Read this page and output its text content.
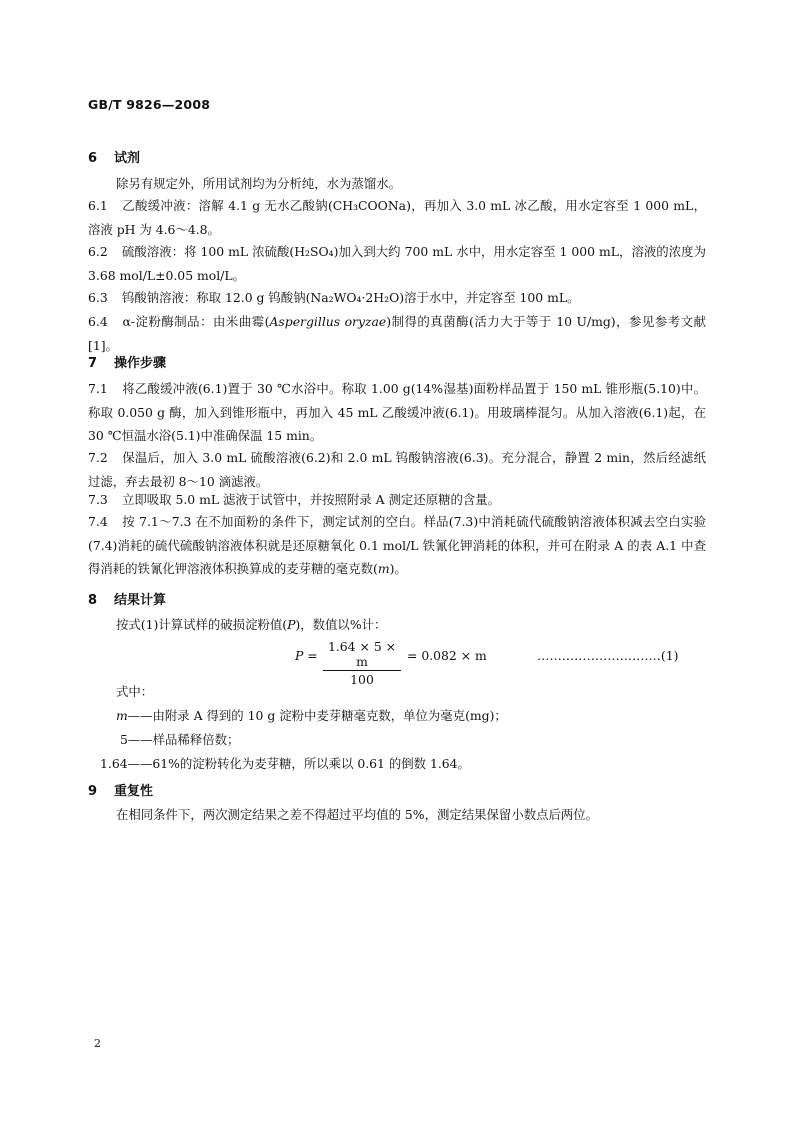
GB/T 9826—2008
6 试剂
除另有规定外，所用试剂均为分析纯，水为蒸馏水。
6.1 乙酸缓冲液：溶解 4.1 g 无水乙酸钠(CH₃COONa)，再加入 3.0 mL 冰乙酸，用水定容至 1 000 mL，溶液 pH 为 4.6～4.8。
6.2 硫酸溶液：将 100 mL 浓硫酸(H₂SO₄)加入到大约 700 mL 水中，用水定容至 1 000 mL，溶液的浓度为 3.68 mol/L±0.05 mol/L。
6.3 钨酸钠溶液：称取 12.0 g 钨酸钠(Na₂WO₄·2H₂O)溶于水中，并定容至 100 mL。
6.4 α-淀粉酶制品：由米曲霉(Aspergillus oryzae)制得的真菌酶(活力大于等于 10 U/mg)，参见参考文献[1]。
7 操作步骤
7.1 将乙酸缓冲液(6.1)置于 30 ℃水浴中。称取 1.00 g(14%湿基)面粉样品置于 150 mL 锥形瓶(5.10)中。称取 0.050 g 酶，加入到锥形瓶中，再加入 45 mL 乙酸缓冲液(6.1)。用玻璃棒混匀。从加入溶液(6.1)起，在 30 ℃恒温水浴(5.1)中准确保温 15 min。
7.2 保温后，加入 3.0 mL 硫酸溶液(6.2)和 2.0 mL 钨酸钠溶液(6.3)。充分混合，静置 2 min，然后经滤纸过滤，弃去最初 8～10 滴滤液。
7.3 立即吸取 5.0 mL 滤液于试管中，并按照附录 A 测定还原糖的含量。
7.4 按 7.1～7.3 在不加面粉的条件下，测定试剂的空白。样品(7.3)中消耗硫代硫酸钠溶液体积减去空白实验(7.4)消耗的硫代硫酸钠溶液体积就是还原糖氧化 0.1 mol/L 铁氰化钾消耗的体积，并可在附录 A 的表 A.1 中查得消耗的铁氰化钾溶液体积换算成的麦芽糖的毫克数(m)。
8 结果计算
按式(1)计算试样的破损淀粉值(P)，数值以%计：
$P = \frac{1.64 \times 5 \times m}{100} = 0.082 \times m$	…………………………(1)
式中：
m——由附录 A 得到的 10 g 淀粉中麦芽糖毫克数，单位为毫克(mg)；
5——样品稀释倍数；
1.64——61%的淀粉转化为麦芽糖，所以乘以 0.61 的倒数 1.64。
9 重复性
在相同条件下，两次测定结果之差不得超过平均值的 5%，测定结果保留小数点后两位。
2
